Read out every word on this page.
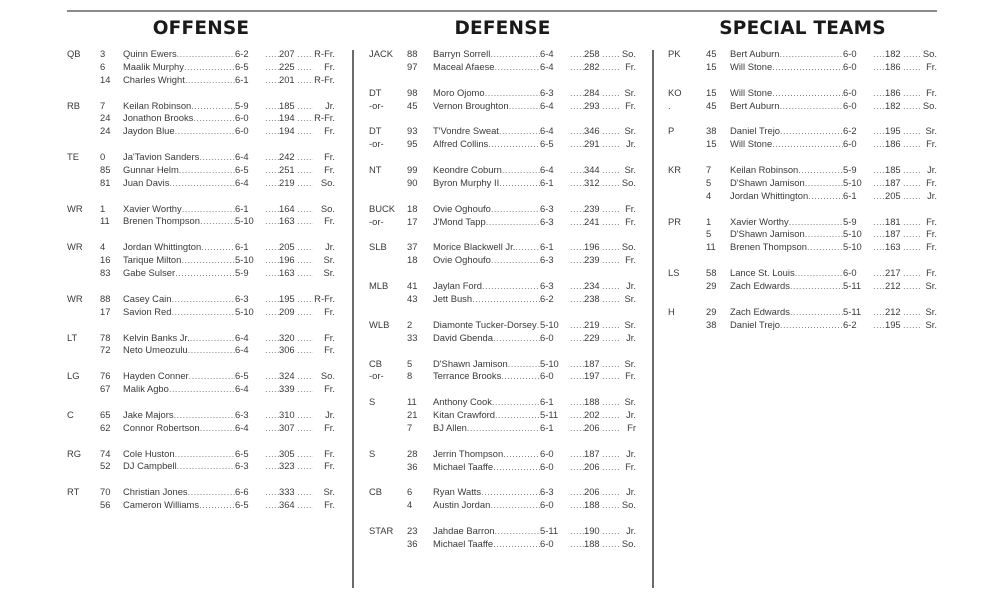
OFFENSE
QB	3	Quinn Ewers .....	6-2 .....	207 ..... R-Fr.
6	Maalik Murphy .....	6-5 .....	225 .....	Fr.
14	Charles Wright .....	6-1 .....	201 ..... R-Fr.
RB	7	Keilan Robinson .....	5-9 .....	185 .....	Jr.
24	Jonathon Brooks .....	6-0 .....	194 ..... R-Fr.
24	Jaydon Blue .....	6-0 .....	194 .....	Fr.
TE	0	Ja'Tavion Sanders .....	6-4 .....	242 .....	Fr.
85	Gunnar Helm .....	6-5 .....	251 .....	Fr.
81	Juan Davis .....	6-4 .....	219 .....	So.
WR	1	Xavier Worthy .....	6-1 .....	164 .....	So.
11	Brenen Thompson .....	5-10 .....	163 .....	Fr.
WR	4	Jordan Whittington .....	6-1 .....	205 .....	Jr.
16	Tarique Milton .....	5-10 .....	196 .....	Sr.
83	Gabe Sulser .....	5-9 .....	163 .....	Sr.
WR	88	Casey Cain .....	6-3 .....	195 ..... R-Fr.
17	Savion Red .....	5-10 .....	209 .....	Fr.
LT	78	Kelvin Banks Jr. .....	6-4 .....	320 .....	Fr.
72	Neto Umeozulu .....	6-4 .....	306 .....	Fr.
LG	76	Hayden Conner .....	6-5 .....	324 .....	So.
67	Malik Agbo .....	6-4 .....	339 .....	Fr.
C	65	Jake Majors .....	6-3 .....	310 .....	Jr.
62	Connor Robertson .....	6-4 .....	307 .....	Fr.
RG	74	Cole Huston .....	6-5 .....	305 .....	Fr.
52	DJ Campbell .....	6-3 .....	323 .....	Fr.
RT	70	Christian Jones .....	6-6 .....	333 .....	Sr.
56	Cameron Williams .....	6-5 .....	364 .....	Fr.
DEFENSE
JACK	88	Barryn Sorrell .....	6-4 .....	258 ..... So.
97	Maceal Afaese .....	6-4 .....	282 .....	Fr.
DT	98	Moro Ojomo .....	6-3 .....	284 .....	Sr.
-or-	45	Vernon Broughton .....	6-4 .....	293 .....	Fr.
DT	93	T'Vondre Sweat .....	6-4 .....	346 .....	Sr.
-or-	95	Alfred Collins .....	6-5 .....	291 .....	Jr.
NT	99	Keondre Coburn .....	6-4 .....	344 .....	Sr.
90	Byron Murphy II .....	6-1 .....	312 ..... So.
BUCK	18	Ovie Oghoufo .....	6-3 .....	239 .....	Fr.
-or-	17	J'Mond Tapp .....	6-3 .....	241 .....	Fr.
SLB	37	Morice Blackwell Jr. .....	6-1 .....	196 ..... So.
18	Ovie Oghoufo .....	6-3 .....	239 .....	Fr.
MLB	41	Jaylan Ford .....	6-3 .....	234 .....	Jr.
43	Jett Bush .....	6-2 .....	238 .....	Sr.
WLB	2	Diamonte Tucker-Dorsey ..... 5-10 .....	219 .....	Sr.
33	David Gbenda .....	6-0 .....	229 .....	Jr.
CB	5	D'Shawn Jamison .....	5-10 .....	187 .....	Sr.
-or-	8	Terrance Brooks .....	6-0 .....	197 .....	Fr.
S	11	Anthony Cook .....	6-1 .....	188 .....	Sr.
21	Kitan Crawford .....	5-11 .....	202 .....	Jr.
7	BJ Allen .....	6-1 .....	206 .....	Fr
S	28	Jerrin Thompson .....	6-0 .....	187 .....	Jr.
36	Michael Taaffe .....	6-0 .....	206 .....	Fr.
CB	6	Ryan Watts .....	6-3 .....	206 .....	Jr.
4	Austin Jordan .....	6-0 .....	188 ..... So.
STAR	23	Jahdae Barron .....	5-11 .....	190 .....	Jr.
36	Michael Taaffe .....	6-0 .....	188 ..... So.
SPECIAL TEAMS
PK	45	Bert Auburn .....	6-0 .....	182 ..... So.
15	Will Stone .....	6-0 .....	186 .....	Fr.
KO	15	Will Stone .....	6-0 .....	186 .....	Fr.
.	45	Bert Auburn .....	6-0 .....	182 ..... So.
P	38	Daniel Trejo .....	6-2 .....	195 .....	Sr.
15	Will Stone .....	6-0 .....	186 .....	Fr.
KR	7	Keilan Robinson .....	5-9 .....	185 .....	Jr.
5	D'Shawn Jamison .....	5-10 .....	187 .....	Fr.
4	Jordan Whittington .....	6-1 .....	205 .....	Jr.
PR	1	Xavier Worthy .....	5-9 .....	181 .....	Fr.
5	D'Shawn Jamison .....	5-10 .....	187 .....	Fr.
11	Brenen Thompson .....	5-10 .....	163 .....	Fr.
LS	58	Lance St. Louis .....	6-0 .....	217 .....	Fr.
29	Zach Edwards .....	5-11 .....	212 .....	Sr.
H	29	Zach Edwards .....	5-11 .....	212 .....	Sr.
38	Daniel Trejo .....	6-2 .....	195 .....	Sr.
